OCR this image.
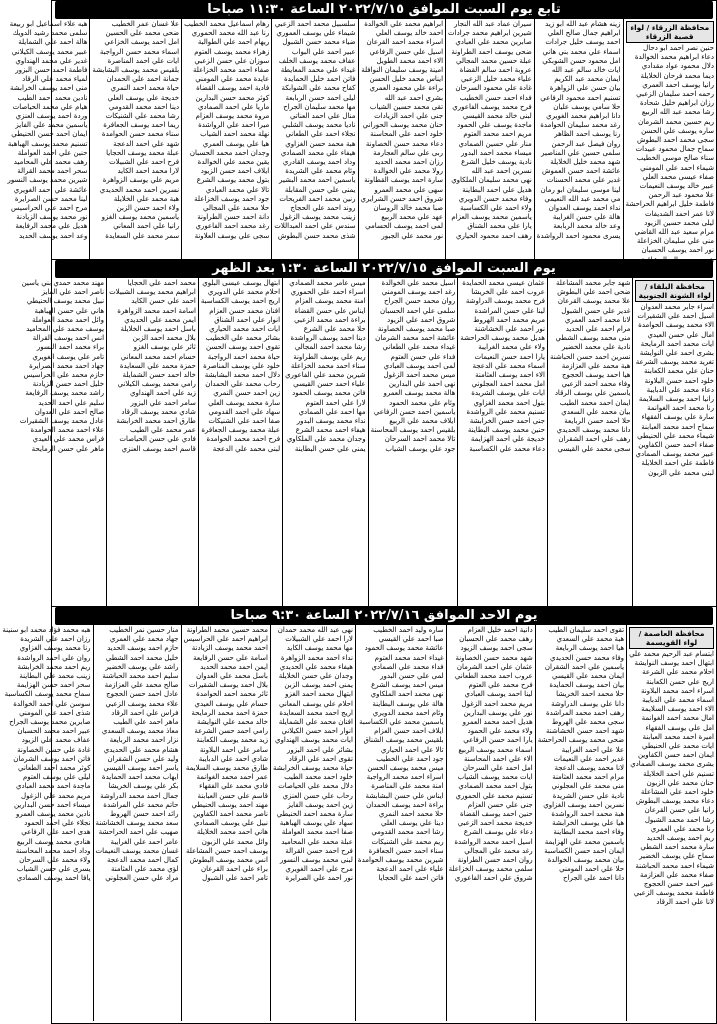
تابع يوم السبت الموافق ٢٠٢٢/٧/١٥ الساعة ١١:٣٠ صباحا
محافظة الزرقاء / لواء قصبة الزرقاء
حنين نصر احمد ابو دحال
دعاء ابراهيم محمد الخوالدة
دلال محمود عواد مقدادي
ديما محمد فرحان الخلايلة
رانيا يوسف احمد العمري
رحمه احمد سليمان الزعبي
رزان ابراهيم خليل شحادة
رشا محمد عبد الله الربيع
ريم حسين محمد الشرمان
ساره يوسف علي الحسن
سجى محمد احمد البطوش
سماح جمال محمود عبيدات
سناء صالح موسى الخطيب
شيماء احمد علي المومني
صفاء عيسى محمد العلي
عبير خالد يوسف النعيمات
علا محمود عبد الرحمن
فاطمة خليل ابراهيم الحراحشة
لانا عمر احمد الشديفات
ليلى محمد حسين الزيود
مرام سعيد عبد الله القاضي
منى علي سليمان الخزاعلة
نور احمد يوسف الحسبان
هبه محمد سالم المشاقبة
زينه هشام عبد الله ابو زيد
ابراهيم جمال صالح العلي
احمد يوسف خليل جرادات
اسماء علي محمد بني هاني
امل محمود حسن الشوبكي
ايات خالد سالم عبد الله
ايمان محمد عبد الكريم
بيان حسن علي الزواهرة
تسنيم احمد محمود الرفاعي
حلا سامي يوسف عليان
دانا ابراهيم محمد الغويري
رغد محمد سليمان الحوامدة
رنا يوسف احمد الظاهر
روان فيصل عبد الرحمن
سلمى حسين علي المناصير
شهد محمد خليل الخلايلة
عائشة احمد حسن العموش
غدير علي محمد الحسنات
لينا موسى سليمان ابو رمان
مي محمد عبد الله النعيمي
نداء احمد يوسف العدوان
هالة علي حسن الغرايبة
وعد خالد محمد الربابعة
يسرى محمود احمد الرواشدة
سيران عماد عبد الله النجار
شيرين ابراهيم محمد جرادات
صابرين محمد علي العبادي
ضحى يوسف احمد الطراونة
عبلة حسين محمد المجالي
عروبة احمد سالم القضاة
علياء محمد خليل الزعبي
غادة علي محمود السرحان
فداء احمد حسن الخطيب
فرح محمد يوسف الفاعوري
لبنى خالد محمد القيسي
ماجدة يوسف علي الحمود
مريم احمد محمد العتوم
منار علي حسين الصمادي
ميساء محمد احمد البدور
نادية يوسف خليل الشرع
نسرين احمد عبد الله
نهى محمد سليمان الملكاوي
هديل علي احمد البطاينة
وفاء محمد حسن الدويري
ولاء احمد علي الكساسبة
ياسمين محمد يوسف العزام
يارا علي محمد الشناق
رهف احمد محمود الحياري
ابراهيم محمد علي الخوالدة
احمد خالد يوسف العلي
اسراء محمد احمد القرعان
اسيل علي حسن الرفاعي
الاء احمد محمد الطويل
امينة يوسف سليمان النوافلة
ايناس محمد خليل الحسن
براءة علي محمود العمري
بشرى احمد عبد الله
تقى محمد حسين الشياب
جنى علي احمد الزيادات
حنان محمد يوسف الحوراني
خلود احمد علي المحاسنة
دعاء محمد حسن الخصاونة
ربى علي سالم العجارمة
رزان احمد محمد الحديد
رولا محمد علي الخوالدة
سارة احمد يوسف القطاونة
سهى علي محمد العمرو
شروق احمد حسن الشرايري
صبا محمد خالد الروسان
عهد علي محمد الربيع
لمى احمد يوسف الحسامي
نور محمد علي الجبور
سلسبيل محمد احمد الزعبي
شيماء علي يوسف العموري
ضياء محمد حسن الشبول
عبير احمد علي البواب
عفاف محمد يوسف الخلف
غيداء علي محمد المعايطة
فاتن احمد خليل الحمايدة
كفاح محمد علي الشوابكة
ليلى احمد حسن الربابعة
مها محمد سليمان الجراح
منال علي احمد العناتي
ناديا محمد يوسف الشلبي
نجلاء احمد علي الطعاني
هبة محمد حسن الغزاوي
هيفاء علي محمد الصمادي
وداد احمد يوسف القادري
وئام محمد علي الشريدة
ياسمين احمد محمد البشير
يمنى علي حسن المقابلة
رنين محمد احمد الفريحات
روند احمد علي الحجاج
زينب محمد يوسف الزغول
سندس علي احمد العبداللات
شذى محمد حسن البطوش
رهام اسماعيل محمد الخطيب
رنا عبد الله محمد الحموري
ريهام احمد علي الطوالبة
زهراء محمد يوسف العتوم
سوزان علي حسن الزعبي
صفاء احمد محمد الخزاعلة
عايدة محمد علي المومني
فادية احمد يوسف القضاة
كوثر محمد حسن البدارين
ماريا علي احمد الصمادي
مروة محمد يوسف العزام
ميرا احمد علي الرواشدة
نهلة محمد احمد الشياب
هيا علي يوسف العمري
وجدان احمد محمد الحسبان
يقين محمد علي الخوالدة
ايلاف احمد حسن الزيود
بتول محمد يوسف الشرع
تالا علي محمد العبادي
جود احمد يوسف الخزاعلة
حلا محمد علي المجالي
دانة احمد حسن الطراونة
رغد محمد احمد الفاعوري
سجى علي يوسف العلاونة
علا غسان عمر الخطيب
ضحى محمد علي الحسين
امل احمد يوسف الخزاعي
اسماء محمد حسن الرواجبة
ايات علي احمد المناصرة
بلقيس محمد يوسف البشابشة
جمانة احمد علي الحمدان
حياة محمد احمد النمري
خديجة علي يوسف العلي
دينا احمد محمد القدومي
رشا محمد علي الشنيكات
ريما احمد يوسف الجعافرة
سناء محمد حسن الحوامدة
شهد علي احمد الدعجة
عبلة محمد يوسف الحجايا
فرح احمد علي الشبيلات
لارا محمد احمد الكايد
مريم علي يوسف الزواهرة
نسرين احمد محمد الحديدي
هبة محمد علي الخلايلة
ولاء احمد حسن الزبن
ياسمين محمد يوسف الغزو
رانيا علي احمد المعاني
سمر محمد علي السعايدة
هبه علاء اسماعيل ابو ربيعة
سلمى محمد رشيد الدويك
هالة احمد علي الشمايلة
عبير محمد يوسف الكيلاني
غدير علي محمد الهنداوي
فاطمة احمد حسن البزور
لمياء محمد علي الرقاد
منى احمد يوسف الخرابشة
نادين محمد احمد الطيب
هيام علي محمد الحياصات
وردة احمد يوسف العنزي
ياسمين محمد علي الفايز
ايمان احمد حسن الحنيطي
تسنيم محمد يوسف الهباهبة
حنين علي احمد العواملة
رهف محمد علي المحاميد
سحر احمد محمد القرالة
شيرين محمد يوسف النسور
عائشة علي احمد الغويري
لينا محمد حسن الصرايرة
مرح احمد علي الحراسيس
نور محمد يوسف الزيادنة
هديل علي محمد الرفايعة
وعد احمد يوسف الحديد
يوم السبت الموافق ٢٠٢٢/٧/١٥ الساعة ١:٣٠ بعد الظهر
محافظة البلقاء / لواء الشونة الجنوبية
اسراء جابر محمد العدوان
اسيل احمد علي الشقيرات
الاء محمد يوسف الحوامدة
امال علي حسن العيدي
ايات محمد احمد الرمايحة
بشرى احمد علي النوايشة
تغريد محمد يوسف الشرعة
حنان علي محمد الكعابنة
خلود احمد حسن البلاونة
دعاء محمد علي الدبايبة
رانيا احمد يوسف السلايمة
رنا محمد احمد الغوانمة
سارة علي يوسف الفقهاء
سماح احمد محمد العبابنة
شيماء محمد علي الحنيطي
صفاء احمد حسن الكفاوين
عبير محمد يوسف الصمادي
فاطمة علي احمد الخلايلة
لبنى محمد علي الزبون
شهد جابر محمد المشاعلة
ضحى احمد علي البطوش
علا محمد يوسف القرعان
غدير علي حسن الشبول
لانا محمد احمد العمري
مرام احمد علي الحديد
منى محمد يوسف الشطي
نادية علي محمد الخضير
نسرين احمد حسن الحباشنة
هبة محمد علي العزازمة
هيا احمد يوسف الحجوج
وفاء محمد احمد الزعبي
ياسمين علي يوسف الرقاد
ايمان احمد محمد الطيب
بيان محمد علي السعدي
حلا احمد حسن الربايعة
دانا محمد يوسف الحديدي
رهف علي احمد الشقران
سجى محمد علي القيسي
عثمان عيسى محمد الحمايدة
عروب احمد علي الخريشا
فرح محمد يوسف الدراوشة
لينا علي حسن المراشدة
مريم محمد احمد الهروط
نور احمد علي الخشاشنة
هديل محمد يوسف الحراحشة
ولاء علي محمد الغرايبة
يارا احمد حسن النعيمات
اسماء محمد علي الدعجة
الاء احمد يوسف العثامنة
امل محمد احمد العجلوني
ايات علي يوسف الشريدة
بتول احمد محمد الغزاوي
تسنيم محمد علي الرواشدة
جنى احمد حسن الخرابشة
حنين محمد يوسف البطاينة
خديجة علي احمد الهزايمة
دعاء محمد علي الكساسبة
اسيل محمد علي الخوالدة
رغد احمد يوسف المومني
روان محمد حسن الجراح
سلمى علي احمد الحسبان
شروق احمد علي الزيود
صبا محمد يوسف الخصاونة
عائشة احمد محمد الشرمان
غيداء محمد علي الطعاني
فداء علي حسن العتوم
لمى احمد يوسف العبادي
ميس محمد احمد الزغول
نهى احمد علي البدارين
هالة محمد يوسف العمرو
وئام علي محمد الحمود
ياسمين احمد حسن الرفاعي
ايلاف محمد علي الربيع
بلقيس احمد يوسف المحاسنة
تالا محمد احمد السرحان
جود علي يوسف الشياب
ميس عامر محمد الصمادي
اسراء احمد علي الحموري
امنة محمد يوسف العزام
ايناس علي حسن القضاة
براءة احمد محمد الزعبي
حلا محمد علي الشرع
دينا احمد يوسف الرواشدة
رشا محمد احمد المجالي
ريم علي يوسف الطراونة
سناء احمد محمد الخزاعلة
شيرين محمد علي الفاعوري
علياء احمد حسن القيسي
فاتن محمد يوسف الحمود
لارا علي احمد العتوم
مها احمد علي الصمادي
نداء محمد يوسف البدور
هيفاء احمد محمد الشرع
وجدان محمد علي الملكاوي
يمنى علي حسن البطاينة
ابتهال يوسف عيسى البلوي
احلام محمد علي الدويري
اريج احمد يوسف الكساسبة
افنان محمد حسن العزام
انوار علي احمد الشناق
ايات احمد محمد الحياري
بشائر محمد علي الخطيب
تقوى احمد يوسف الحسن
حياة محمد احمد الرواجبة
خلود علي يوسف المناصرة
دلال احمد محمد البشابشة
رحاب محمد علي الحمدان
زين احمد حسن النمري
سارة محمد يوسف العلي
سهاد علي احمد القدومي
صفا احمد علي الشنيكات
عبلة محمد يوسف الجعافرة
فرح احمد محمد الحوامدة
لبنى محمد علي الدعجة
محمد احمد علي الحجايا
ابراهيم محمد يوسف الشبيلات
احمد علي حسن الكايد
اسامة احمد محمد الزواهرة
ايمن محمد علي الحديدي
باسل احمد يوسف الخلايلة
بلال محمد احمد الزبن
ثائر علي يوسف الغزو
حسام احمد محمد المعاني
حمزة محمد علي السعايدة
خالد احمد حسن الشمايلة
رامي محمد يوسف الكيلاني
زيد علي احمد الهنداوي
سامر احمد علي البزور
شادي محمد يوسف الرقاد
طارق احمد محمد الخرابشة
عمر محمد علي الطيب
فادي علي حسن الحياصات
قاسم احمد يوسف العنزي
مهند محمد حمدي بني ياسين
ناصر احمد علي الفايز
نبيل محمد يوسف الحنيطي
هاني علي حسن الهباهبة
وائل احمد محمد العواملة
يوسف محمد علي المحاميد
انس احمد يوسف القرالة
براء محمد احمد النسور
تامر علي يوسف الغويري
جهاد احمد محمد الصرايرة
حازم محمد علي الحراسيس
خليل احمد حسن الزيادنة
راشد محمد يوسف الرفايعة
سليم علي احمد الحديد
صالح احمد علي العدوان
عادل محمد يوسف الشقيرات
علاء احمد محمد الحوامدة
فراس محمد علي العيدي
ماهر علي حسن الرمايحة
يوم الاحد الموافق ٢٠٢٢/٧/١٦ الساعة ٩:٣٠ صباحا
محافظة العاصمة / لواء القويسمة
ابتسام عبد الرحيم محمد علي
ابتهال احمد يوسف النوايشة
احلام محمد علي الشرعة
اريج علي حسن الكعابنة
اسراء احمد محمد البلاونة
اسماء محمد علي الدبايبة
الاء احمد يوسف السلايمة
امال محمد احمد الغوانمة
امل علي يوسف الفقهاء
اميرة احمد محمد العبابنة
ايات محمد علي الحنيطي
ايمان احمد حسن الكفاوين
بشرى محمد يوسف الصمادي
تسنيم علي احمد الخلايلة
حنان محمد علي الزبون
خلود احمد علي المشاعلة
دعاء محمد يوسف البطوش
رانيا علي حسن القرعان
رشا احمد محمد الشبول
رنا محمد علي العمري
ريم احمد يوسف الحديد
سارة محمد احمد الشطي
سماح علي يوسف الخضير
شيماء احمد محمد الحباشنة
صفاء محمد علي العزازمة
عبير احمد حسن الحجوج
فاطمة محمد يوسف الزعبي
لانا علي احمد الرقاد
تقوى احمد سليمان الطيب
هبة محمد علي السعدي
هيا احمد يوسف الربايعة
وفاء محمد حسن الحديدي
ياسمين علي احمد الشقران
ايمان محمد علي القيسي
بيان احمد يوسف الحمايدة
حلا محمد احمد الخريشا
دانا علي يوسف الدراوشة
رهف احمد محمد المراشدة
سجى محمد علي الهروط
شهد احمد حسن الخشاشنة
ضحى محمد يوسف الحراحشة
علا علي احمد الغرايبة
غدير احمد علي النعيمات
لانا محمد يوسف الدعجة
مرام احمد محمد العثامنة
منى محمد علي العجلوني
نادية علي حسن الشريدة
نسرين احمد يوسف الغزاوي
هبة محمد احمد الرواشدة
هيا علي يوسف الخرابشة
وفاء احمد محمد البطاينة
ياسمين محمد علي الهزايمة
ايمان احمد حسن الكساسبة
بيان محمد يوسف الخوالدة
حلا علي احمد المومني
دانا احمد علي الجراح
دانية احمد خليل العزام
رهف محمد علي الحسبان
سجى احمد يوسف الزيود
شهد محمد حسن الخصاونة
عثمان علي احمد الشرمان
عروب احمد محمد الطعاني
فرح محمد علي العتوم
لينا احمد يوسف العبادي
مريم محمد احمد الزغول
نور علي يوسف البدارين
هديل احمد محمد العمرو
ولاء محمد علي الحمود
يارا احمد حسن الرفاعي
اسماء محمد يوسف الربيع
الاء علي احمد المحاسنة
امل احمد علي السرحان
ايات محمد يوسف الشياب
بتول احمد محمد الصمادي
تسنيم محمد علي الحموري
جنى علي حسن العزام
حنين احمد يوسف القضاة
خديجة محمد احمد الزعبي
دعاء علي يوسف الشرع
اسيل احمد محمد الرواشدة
رغد محمد علي المجالي
روان احمد حسن الطراونة
سلمى محمد يوسف الخزاعلة
شروق علي احمد الفاعوري
ساره وليد احمد الخطيب
صبا احمد علي القيسي
عائشة محمد يوسف الحمود
غيداء احمد محمد العتوم
فداء محمد علي الصمادي
لمى علي حسن البدور
ميس احمد يوسف الشرع
نهى محمد احمد الملكاوي
هالة علي يوسف البطاينة
وئام احمد محمد الدويري
ياسمين محمد علي الكساسبة
ايلاف احمد حسن العزام
بلقيس محمد يوسف الشناق
تالا علي احمد الحياري
جود احمد علي الخطيب
ميس محمد يوسف الحسن
اسراء احمد محمد الرواجبة
امنة محمد علي المناصرة
ايناس علي حسن البشابشة
براءة احمد يوسف الحمدان
حلا محمد احمد النمري
دينا علي يوسف العلي
رشا احمد محمد القدومي
ريم محمد علي الشنيكات
سناء احمد حسن الجعافرة
شيرين محمد يوسف الحوامدة
علياء علي احمد الدعجة
فاتن احمد علي الحجايا
نهى عبد الله محمد حمدان
لارا احمد علي الشبيلات
مها محمد يوسف الكايد
نداء احمد محمد الزواهرة
هيفاء محمد علي الحديدي
وجدان علي حسن الخلايلة
يمنى احمد يوسف الزبن
ابتهال محمد احمد الغزو
احلام علي يوسف المعاني
اريج احمد محمد السعايدة
افنان محمد علي الشمايلة
انوار احمد حسن الكيلاني
ايات محمد يوسف الهنداوي
بشائر علي احمد البزور
تقوى احمد علي الرقاد
حياة محمد يوسف الخرابشة
خلود احمد محمد الطيب
دلال محمد علي الحياصات
رحاب علي حسن العنزي
زين احمد يوسف الفايز
سارة محمد احمد الحنيطي
سهاد علي يوسف الهباهبة
صفا احمد محمد العواملة
عبلة محمد علي المحاميد
فرح احمد حسن القرالة
لبنى محمد يوسف النسور
مرح علي احمد الغويري
نور احمد علي الصرايرة
محمد حسين محمد الطراونة
ابراهيم احمد علي الحراسيس
احمد محمد يوسف الزيادنة
اسامة علي حسن الرفايعة
ايمن احمد محمد الحديد
باسل محمد علي العدوان
بلال احمد يوسف الشقيرات
ثائر محمد احمد الحوامدة
حسام علي يوسف العيدي
حمزة احمد محمد الرمايحة
خالد محمد علي النوايشة
رامي احمد حسن الشرعة
زيد محمد يوسف الكعابنة
سامر علي احمد البلاونة
شادي احمد علي الدبايبة
طارق محمد يوسف السلايمة
عمر احمد محمد الغوانمة
فادي محمد علي الفقهاء
قاسم علي حسن العبابنة
مهند احمد يوسف الحنيطي
ناصر محمد احمد الكفاوين
نبيل علي يوسف الصمادي
هاني احمد محمد الخلايلة
وائل محمد علي الزبون
يوسف احمد حسن المشاعلة
انس محمد يوسف البطوش
براء علي احمد القرعان
تامر احمد علي الشبول
منار حسين نمر الخطيب
جهاد محمد علي العمري
حازم احمد يوسف الحديد
خليل محمد احمد الشطي
راشد علي يوسف الخضير
سليم احمد محمد الحباشنة
صالح محمد علي العزازمة
عادل احمد حسن الحجوج
علاء محمد يوسف الزعبي
فراس علي احمد الرقاد
ماهر احمد علي الطيب
معاذ محمد يوسف السعدي
نزار احمد محمد الربايعة
هشام محمد علي الحديدي
وليد علي حسن الشقران
ياسر احمد يوسف القيسي
ايهاب محمد احمد الحمايدة
بكر علي يوسف الخريشا
جمال احمد محمد الدراوشة
حاتم محمد علي المراشدة
رائد احمد حسن الهروط
سعد محمد يوسف الخشاشنة
صهيب علي احمد الحراحشة
عامر احمد علي الغرايبة
غسان محمد يوسف النعيمات
كمال احمد محمد الدعجة
لؤي محمد علي العثامنة
مراد علي حسن العجلوني
هبه محمد فؤاد محمد ابو سنينة
رزان احمد علي الشريدة
رنا محمد يوسف الغزاوي
روان علي احمد الرواشدة
ريم احمد محمد الخرابشة
زينب محمد علي البطاينة
سحر احمد حسن الهزايمة
سماح محمد يوسف الكساسبة
سوسن علي احمد الخوالدة
شذى احمد علي المومني
صابرين محمد يوسف الجراح
عبير احمد محمد الحسبان
عفاف محمد علي الزيود
غادة علي حسن الخصاونة
فاتن احمد يوسف الشرمان
كوثر محمد احمد الطعاني
ليلى علي يوسف العتوم
ماجدة احمد محمد العبادي
مريم محمد علي الزغول
ميساء احمد حسن البدارين
نادين محمد يوسف العمرو
نجلاء علي احمد الحمود
هدى احمد علي الرفاعي
هنادي محمد يوسف الربيع
وداد احمد محمد المحاسنة
ولاء محمد علي السرحان
يسرى علي حسن الشياب
يافا احمد يوسف الصمادي
